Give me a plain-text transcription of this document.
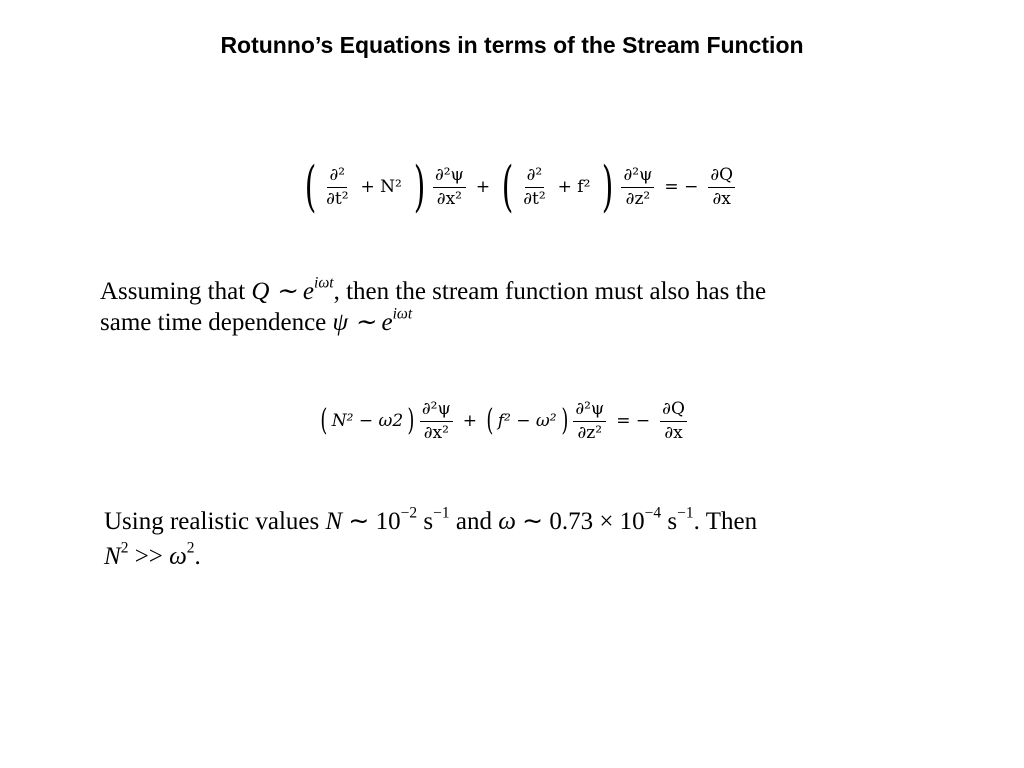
Rotunno’s Equations in terms of the Stream Function
( $\frac{\text{∂²}}{\text{∂t²}} + N^2$ ) $\frac{\text{∂²ψ}}{\text{∂x²}}$ + ( $\frac{\text{∂²}}{\text{∂t²}} + f^2$ ) $\frac{\text{∂²ψ}}{\text{∂z²}}$ = − $\frac{\partial Q}{\partial x}$
Assuming that Q ∼ $e^{i\omega t}$, then the stream function must also has the
same time dependence ψ ∼ $e^{i\omega t}$
( N² − ω2 ) $\frac{\text{∂²ψ}}{\text{∂x²}}$ + ( f² − ω² ) $\frac{\text{∂²ψ}}{\text{∂z²}}$ = − $\frac{\partial Q}{\partial x}$
Using realistic values N ∼ $10^{-2}$ $s^{-1}$ and ω ∼ $0.73 \times 10^{-4}$ $s^{-1}$. Then
$N^2 >> \omega^2$.
